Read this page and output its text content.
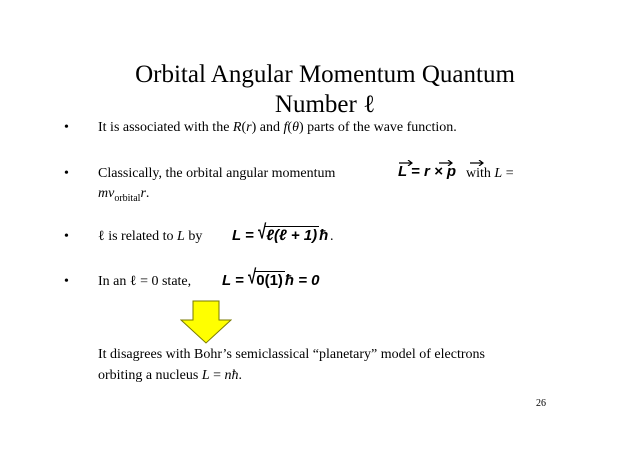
Orbital Angular Momentum Quantum
Number ℓ
• It is associated with the R(r) and f(θ) parts of the wave function.
• Classically, the orbital angular momentum
$mv_{orbital}r$.
L = r × p with L =
• ℓ is related to L by L = √ℓ(ℓ + 1) ħ .
• In an ℓ = 0 state, L = √0(1) ħ = 0
It disagrees with Bohr’s semiclassical “planetary” model of electrons
orbiting a nucleus L = nħ.
26
